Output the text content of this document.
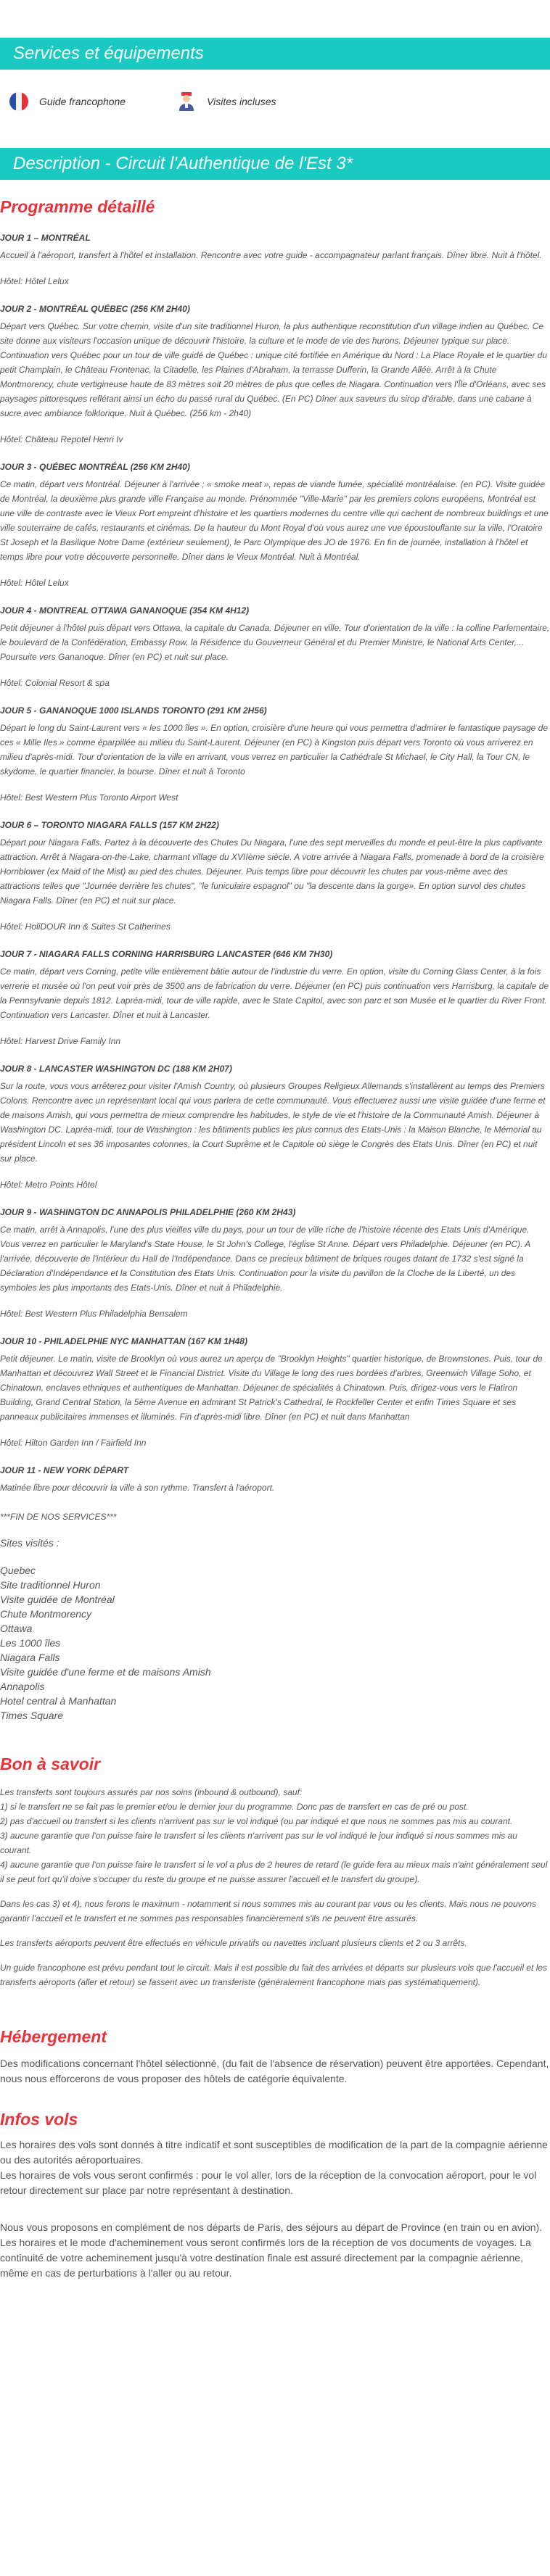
Services et équipements
Guide francophone	Visites incluses
Description - Circuit l'Authentique de l'Est 3*
Programme détaillé

JOUR 1 – MONTRÉAL

Accueil à l'aéroport, transfert à l'hôtel et installation. Rencontre avec votre guide - accompagnateur parlant français. Dîner libre. Nuit à l'hôtel.

Hôtel: Hôtel Lelux

JOUR 2 - MONTRÉAL QUÉBEC (256 KM 2H40)

Départ vers Québec. Sur votre chemin, visite d'un site traditionnel Huron, la plus authentique reconstitution d'un village indien au Québec. Ce site donne aux visiteurs l'occasion unique de découvrir l'histoire, la culture et le mode de vie des hurons. Déjeuner typique sur place. Continuation vers Québec pour un tour de ville guidé de Québec : unique cité fortifiée en Amérique du Nord : La Place Royale et le quartier du petit Champlain, le Château Frontenac, la Citadelle, les Plaines d'Abraham, la terrasse Dufferin, la Grande Allée. Arrêt à la Chute Montmorency, chute vertigineuse haute de 83 mètres soit 20 mètres de plus que celles de Niagara. Continuation vers l'Île d'Orléans, avec ses paysages pittoresques reflétant ainsi un écho du passé rural du Québec. (En PC) Dîner aux saveurs du sirop d'érable, dans une cabane à sucre avec ambiance folklorique. Nuit à Québec. (256 km - 2h40)

Hôtel: Château Repotel Henri Iv

JOUR 3 - QUÉBEC MONTRÉAL (256 KM 2H40)

Ce matin, départ vers Montréal. Déjeuner à l'arrivée ; « smoke meat », repas de viande fumée, spécialité montréalaise. (en PC). Visite guidée de Montréal, la deuxième plus grande ville Française au monde. Prénommée "Ville-Marie" par les premiers colons européens, Montréal est une ville de contraste avec le Vieux Port empreint d'histoire et les quartiers modernes du centre ville qui cachent de nombreux buildings et une ville souterraine de cafés, restaurants et cinémas. De la hauteur du Mont Royal d'où vous aurez une vue époustouflante sur la ville, l'Oratoire St Joseph et la Basilique Notre Dame (extérieur seulement), le Parc Olympique des JO de 1976. En fin de journée, installation à l'hôtel et temps libre pour votre découverte personnelle. Dîner dans le Vieux Montréal. Nuit à Montréal.

Hôtel: Hôtel Lelux

JOUR 4 - MONTREAL OTTAWA GANANOQUE (354 KM 4H12)

Petit déjeuner à l'hôtel puis départ vers Ottawa, la capitale du Canada. Déjeuner en ville. Tour d'orientation de la ville : la colline Parlementaire, le boulevard de la Confédération, Embassy Row, la Résidence du Gouverneur Général et du Premier Ministre, le National Arts Center,... Poursuite vers Gananoque. Dîner (en PC) et nuit sur place.

Hôtel: Colonial Resort & spa

JOUR 5 - GANANOQUE 1000 ISLANDS TORONTO (291 KM 2H56)

Départ le long du Saint-Laurent vers « les 1000 îles ». En option, croisière d'une heure qui vous permettra d'admirer le fantastique paysage de ces « Mille Iles » comme éparpillée au milieu du Saint-Laurent. Déjeuner (en PC) à Kingston puis départ vers Toronto où vous arriverez en milieu d'après-midi. Tour d'orientation de la ville en arrivant, vous verrez en particulier la Cathédrale St Michael, le City Hall, la Tour CN, le skydome, le quartier financier, la bourse. Dîner et nuit à Toronto

Hôtel: Best Western Plus Toronto Airport West

JOUR 6 – TORONTO NIAGARA FALLS (157 KM 2H22)

Départ pour Niagara Falls. Partez à la découverte des Chutes Du Niagara, l'une des sept merveilles du monde et peut-être la plus captivante attraction. Arrêt à Niagara-on-the-Lake, charmant village du XVIIème siècle. A votre arrivée à Niagara Falls, promenade à bord de la croisière Hornblower (ex Maid of the Mist) au pied des chutes. Déjeuner. Puis temps libre pour découvrir les chutes par vous-même avec des attractions telles que "Journée derrière les chutes", "le funiculaire espagnol" ou "la descente dans la gorge». En option survol des chutes Niagara Falls. Dîner (en PC) et nuit sur place.

Hôtel: HoliDOUR Inn & Suites St Catherines

JOUR 7 - NIAGARA FALLS CORNING HARRISBURG LANCASTER (646 KM 7H30)

Ce matin, départ vers Corning, petite ville entièrement bâtie autour de l'industrie du verre. En option, visite du Corning Glass Center, à la fois verrerie et musée où l'on peut voir près de 3500 ans de fabrication du verre. Déjeuner (en PC) puis continuation vers Harrisburg, la capitale de la Pennsylvanie depuis 1812. Lapréa-midi, tour de ville rapide, avec le State Capitol, avec son parc et son Musée et le quartier du River Front. Continuation vers Lancaster. Dîner et nuit à Lancaster.

Hôtel: Harvest Drive Family Inn

JOUR 8 - LANCASTER WASHINGTON DC (188 KM 2H07)

Sur la route, vous vous arrêterez pour visiter l'Amish Country, où plusieurs Groupes Religieux Allemands s'installèrent au temps des Premiers Colons. Rencontre avec un représentant local qui vous parlera de cette communauté. Vous effectuerez aussi une visite guidée d'une ferme et de maisons Amish, qui vous permettra de mieux comprendre les habitudes, le style de vie et l'histoire de la Communauté Amish. Déjeuner à Washington DC. Lapréa-midi, tour de Washington : les bâtiments publics les plus connus des Etats-Unis : la Maison Blanche, le Mémorial au président Lincoln et ses 36 imposantes colonnes, la Court Suprême et le Capitole où siège le Congrès des Etats Unis. Dîner (en PC) et nuit sur place.

Hôtel: Metro Points Hôtel

JOUR 9 - WASHINGTON DC ANNAPOLIS PHILADELPHIE (260 KM 2H43)

Ce matin, arrêt à Annapolis, l'une des plus vieilles ville du pays, pour un tour de ville riche de l'histoire récente des Etats Unis d'Amérique. Vous verrez en particulier le Maryland's State House, le St John's College, l'église St Anne. Départ vers Philadelphie. Déjeuner (en PC). A l'arrivée, découverte de l'intérieur du Hall de l'Indépendance. Dans ce precieux bâtiment de briques rouges datant de 1732 s'est signé la Déclaration d'Indépendance et la Constitution des Etats Unis. Continuation pour la visite du pavillon de la Cloche de la Liberté, un des symboles les plus importants des Etats-Unis. Dîner et nuit à Philadelphie.

Hôtel: Best Western Plus Philadelphia Bensalem

JOUR 10 - PHILADELPHIE NYC MANHATTAN (167 KM 1H48)

Petit déjeuner. Le matin, visite de Brooklyn où vous aurez un aperçu de "Brooklyn Heights" quartier historique, de Brownstones. Puis, tour de Manhattan et découvrez Wall Street et le Financial District. Visite du Village le long des rues bordées d'arbres, Greenwich Village Soho, et Chinatown, enclaves ethniques et authentiques de Manhattan. Déjeuner de spécialités à Chinatown. Puis, dirigez-vous vers le Flatiron Building, Grand Central Station, la 5ème Avenue en admirant St Patrick's Cathedral, le Rockfeller Center et enfin Times Square et ses panneaux publicitaires immenses et illuminés. Fin d'après-midi libre. Dîner (en PC) et nuit dans Manhattan

Hôtel: Hilton Garden Inn / Fairfield Inn

JOUR 11 - NEW YORK DÉPART

Matinée libre pour découvrir la ville à son rythme. Transfert à l'aéroport.

***FIN DE NOS SERVICES***

Sites visités :

Quebec
Site traditionnel Huron
Visite guidée de Montréal
Chute Montmorency
Ottawa
Les 1000 îles
Niagara Falls
Visite guidée d'une ferme et de maisons Amish
Annapolis
Hotel central à Manhattan
Times Square
Bon à savoir

Les transferts sont toujours assurés par nos soins (inbound & outbound), sauf:
1) si le transfert ne se fait pas le premier et/ou le dernier jour du programme. Donc pas de transfert en cas de pré ou post.
2) pas d'accueil ou transfert si les clients n'arrivent pas sur le vol indiqué (ou par indiqué et que nous ne sommes pas mis au courant.
3) aucune garantie que l'on puisse faire le transfert si les clients n'arrivent pas sur le vol indiqué le jour indiqué si nous sommes mis au courant.
4) aucune garantie que l'on puisse faire le transfert si le vol a plus de 2 heures de retard (le guide fera au mieux mais n'aint généralement seul il se peut fort qu'il doive s'occuper du reste du groupe et ne puisse assurer l'accueil et le transfert du groupe).

Dans les cas 3) et 4), nous ferons le maximum - notamment si nous sommes mis au courant par vous ou les clients. Mais nous ne pouvons garantir l'accueil et le transfert et ne sommes pas responsables financièrement s'ils ne peuvent être assurés.

Les transferts aéroports peuvent être effectués en véhicule privatifs ou navettes incluant plusieurs clients et 2 ou 3 arrêts.

Un guide francophone est prévu pendant tout le circuit. Mais il est possible du fait des arrivées et départs sur plusieurs vols que l'accueil et les transferts aéroports (aller et retour) se fassent avec un transferiste (généralement francophone mais pas systématiquement).

Hébergement

Des modifications concernant l'hôtel sélectionné, (du fait de l'absence de réservation) peuvent être apportées. Cependant, nous nous efforcerons de vous proposer des hôtels de catégorie équivalente.

Infos vols

Les horaires des vols sont donnés à titre indicatif et sont susceptibles de modification de la part de la compagnie aérienne ou des autorités aéroportuaires.
Les horaires de vols vous seront confirmés : pour le vol aller, lors de la réception de la convocation aéroport, pour le vol retour directement sur place par notre représentant à destination.

Nous vous proposons en complément de nos départs de Paris, des séjours au départ de Province (en train ou en avion). Les horaires et le mode d'acheminement vous seront confirmés lors de la réception de vos documents de voyages. La continuité de votre acheminement jusqu'à votre destination finale est assuré directement par la compagnie aérienne, même en cas de perturbations à l'aller ou au retour.
